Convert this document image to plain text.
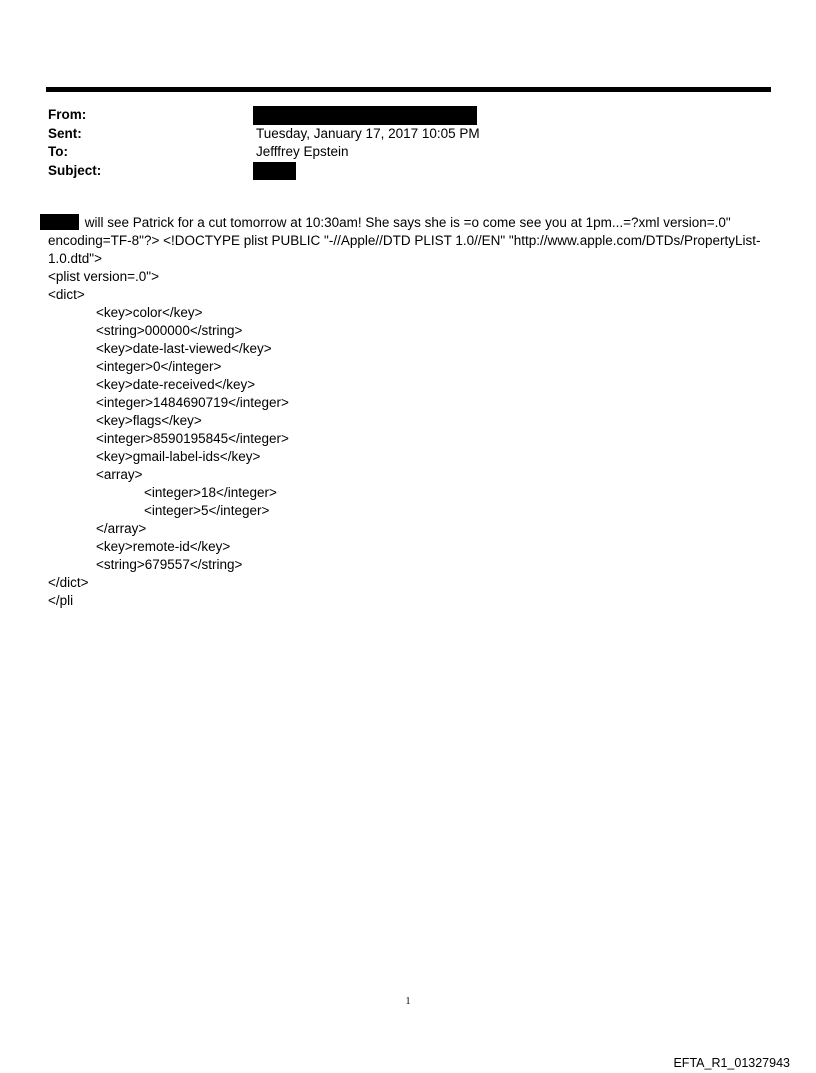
From:
Sent:	Tuesday, January 17, 2017 10:05 PM
To:	Jefffrey Epstein
Subject:
will see Patrick for a cut tomorrow at 10:30am! She says she is =o come see you at 1pm...=?xml version=.0"
encoding=TF-8"?> <!DOCTYPE plist PUBLIC "-//Apple//DTD PLIST 1.0//EN" "http://www.apple.com/DTDs/PropertyList-
1.0.dtd">
<plist version=.0">
<dict>
<key>color</key>
<string>000000</string>
<key>date-last-viewed</key>
<integer>0</integer>
<key>date-received</key>
<integer>1484690719</integer>
<key>flags</key>
<integer>8590195845</integer>
<key>gmail-label-ids</key>
<array>
<integer>18</integer>
<integer>5</integer>
</array>
<key>remote-id</key>
<string>679557</string>
</dict>
</pli
1
EFTA_R1_01327943
